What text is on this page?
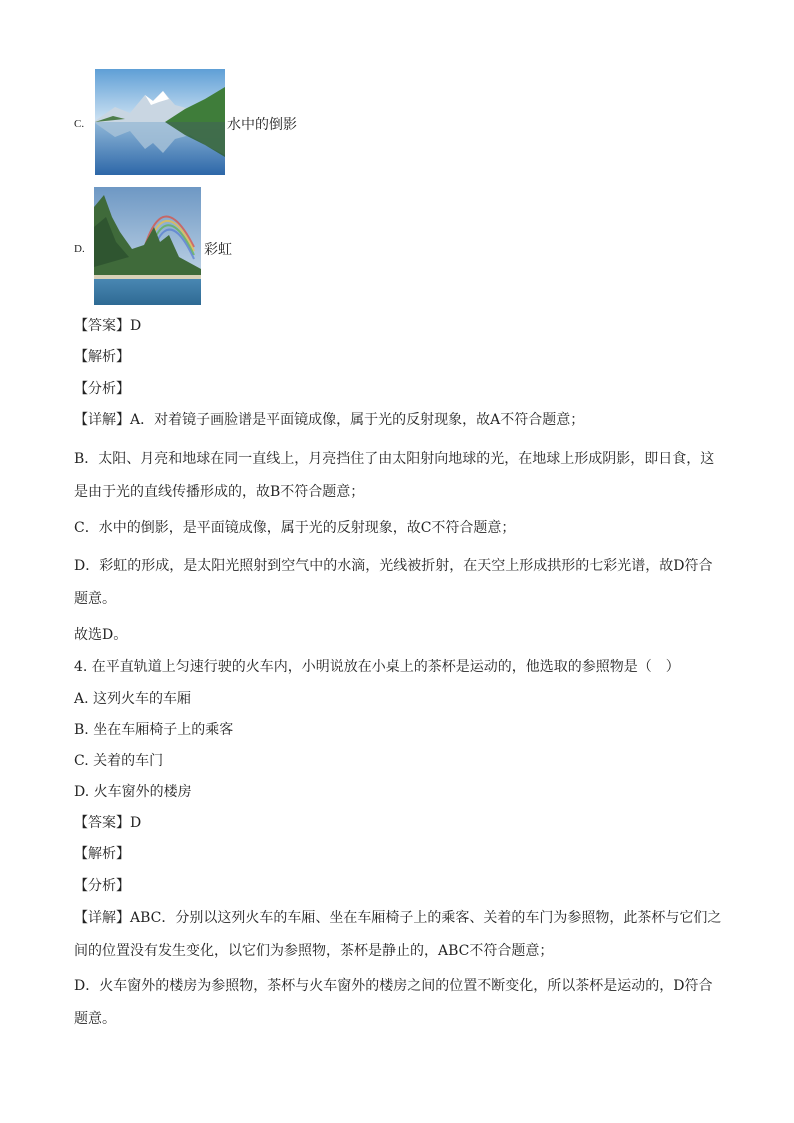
C.	水中的倒影
D.	彩虹
【答案】D
【解析】
【分析】
【详解】A．对着镜子画脸谱是平面镜成像，属于光的反射现象，故A不符合题意；
B．太阳、月亮和地球在同一直线上，月亮挡住了由太阳射向地球的光，在地球上形成阴影，即日食，这是由于光的直线传播形成的，故B不符合题意；
C．水中的倒影，是平面镜成像，属于光的反射现象，故C不符合题意；
D．彩虹的形成，是太阳光照射到空气中的水滴，光线被折射，在天空上形成拱形的七彩光谱，故D符合题意。
故选D。
4. 在平直轨道上匀速行驶的火车内，小明说放在小桌上的茶杯是运动的，他选取的参照物是（　）
A. 这列火车的车厢
B. 坐在车厢椅子上的乘客
C. 关着的车门
D. 火车窗外的楼房
【答案】D
【解析】
【分析】
【详解】ABC．分别以这列火车的车厢、坐在车厢椅子上的乘客、关着的车门为参照物，此茶杯与它们之间的位置没有发生变化，以它们为参照物，茶杯是静止的，ABC不符合题意；
D．火车窗外的楼房为参照物，茶杯与火车窗外的楼房之间的位置不断变化，所以茶杯是运动的，D符合题意。
